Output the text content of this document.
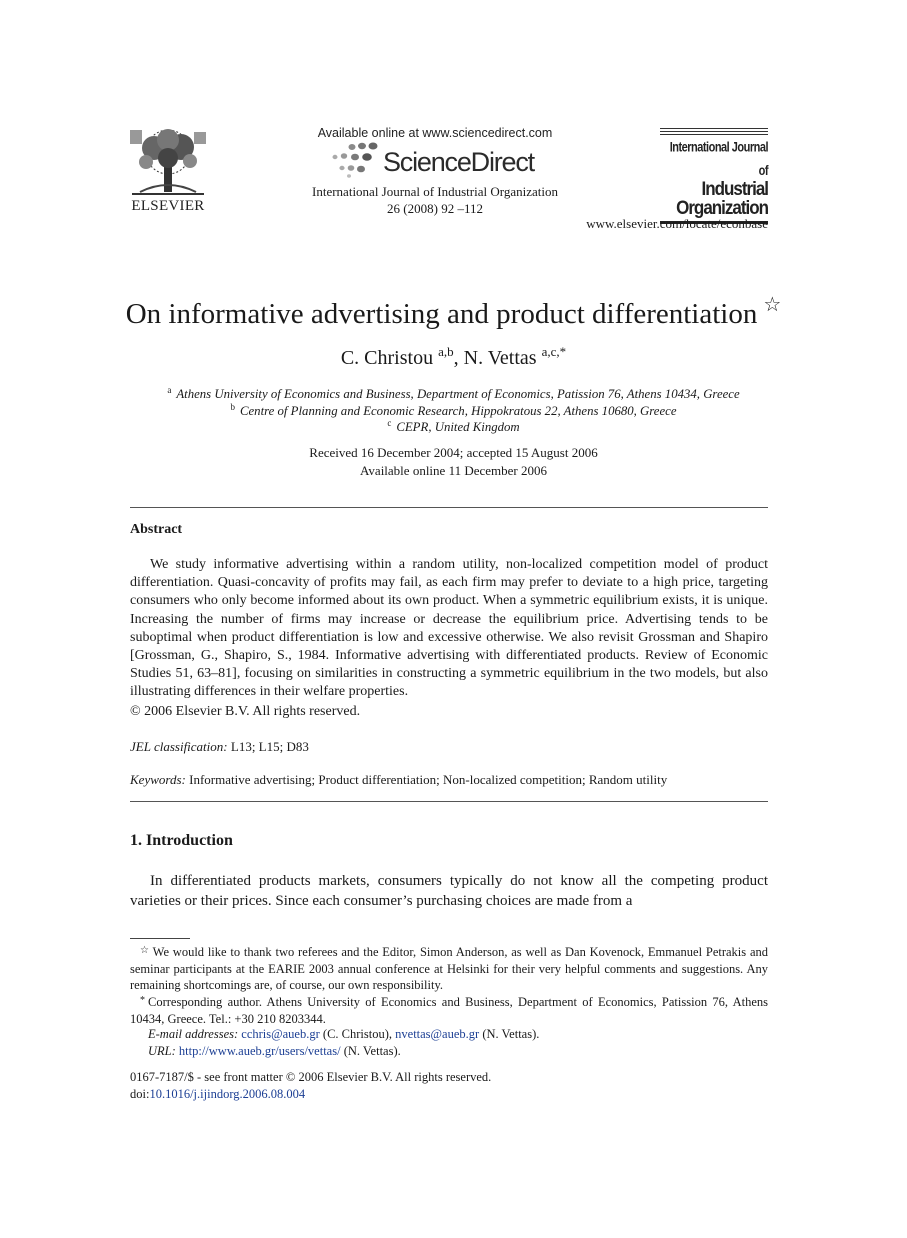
ELSEVIER
Available online at www.sciencedirect.com
ScienceDirect
International Journal of Industrial Organization
26 (2008) 92 –112
International Journal of
Industrial
Organization
www.elsevier.com/locate/econbase
On informative advertising and product differentiation ☆
C. Christou $^{a,b}$, N. Vettas $^{a,c,*}$
$^a$ Athens University of Economics and Business, Department of Economics, Patission 76, Athens 10434, Greece
$^b$ Centre of Planning and Economic Research, Hippokratous 22, Athens 10680, Greece
$^c$ CEPR, United Kingdom
Received 16 December 2004; accepted 15 August 2006
Available online 11 December 2006
Abstract

We study informative advertising within a random utility, non-localized competition model of product differentiation. Quasi-concavity of profits may fail, as each firm may prefer to deviate to a high price, targeting consumers who only become informed about its own product. When a symmetric equilibrium exists, it is unique. Increasing the number of firms may increase or decrease the equilibrium price. Advertising tends to be suboptimal when product differentiation is low and excessive otherwise. We also revisit Grossman and Shapiro [Grossman, G., Shapiro, S., 1984. Informative advertising with differentiated products. Review of Economic Studies 51, 63–81], focusing on similarities in constructing a symmetric equilibrium in the two models, but also illustrating differences in their welfare properties.

© 2006 Elsevier B.V. All rights reserved.
JEL classification: L13; L15; D83
Keywords: Informative advertising; Product differentiation; Non-localized competition; Random utility
1. Introduction

In differentiated products markets, consumers typically do not know all the competing product varieties or their prices. Since each consumer’s purchasing choices are made from a

☆ We would like to thank two referees and the Editor, Simon Anderson, as well as Dan Kovenock, Emmanuel Petrakis and seminar participants at the EARIE 2003 annual conference at Helsinki for their very helpful comments and suggestions. Any remaining shortcomings are, of course, our own responsibility.

* Corresponding author. Athens University of Economics and Business, Department of Economics, Patission 76, Athens 10434, Greece. Tel.: +30 210 8203344.

E-mail addresses: cchris@aueb.gr (C. Christou), nvettas@aueb.gr (N. Vettas).
URL: http://www.aueb.gr/users/vettas/ (N. Vettas).
0167-7187/$ - see front matter © 2006 Elsevier B.V. All rights reserved.
doi:10.1016/j.ijindorg.2006.08.004
